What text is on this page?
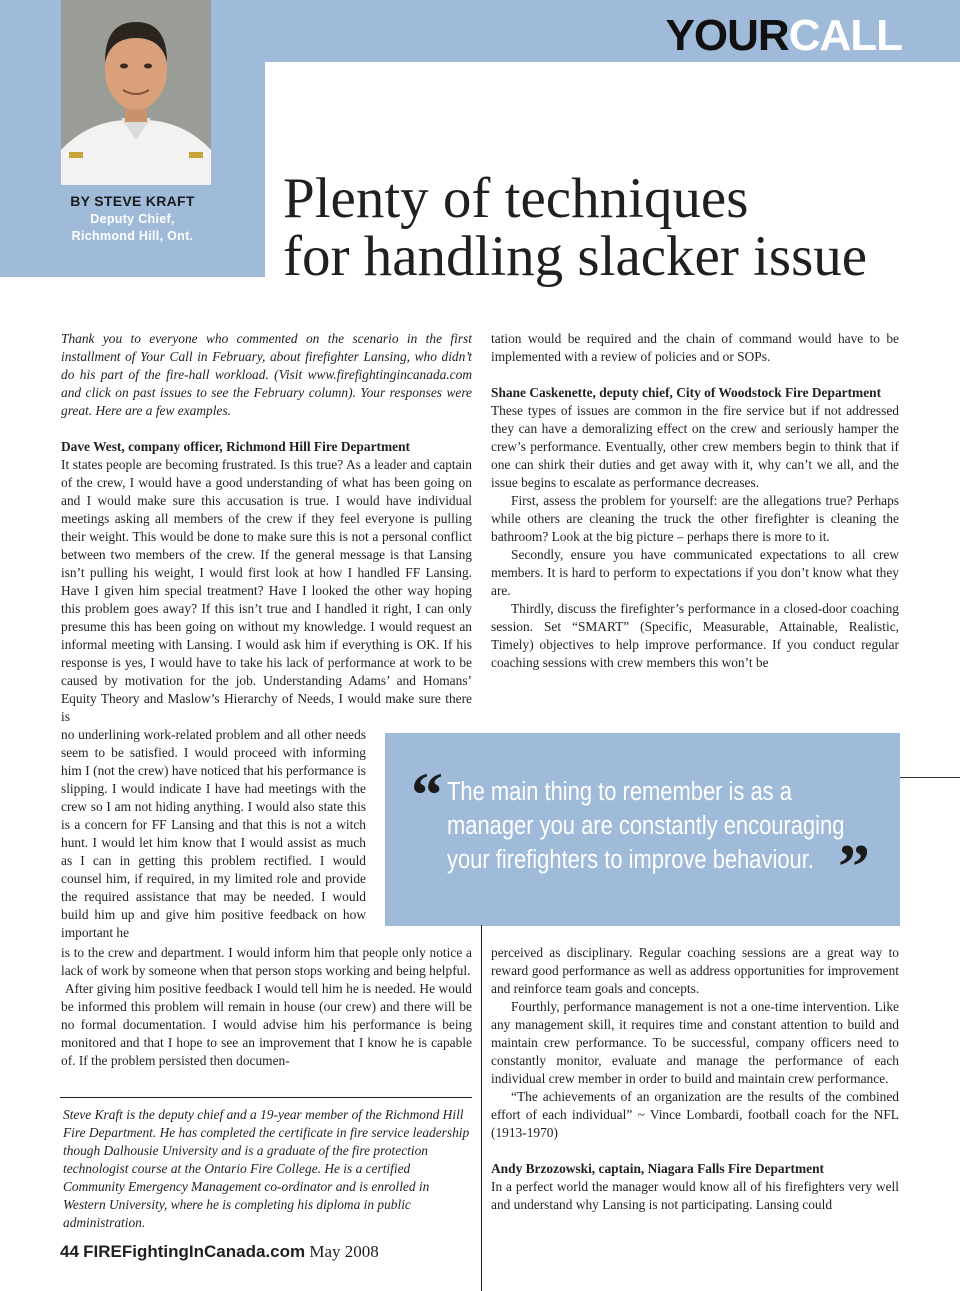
YOURCALL
BY STEVE KRAFT
Deputy Chief,
Richmond Hill, Ont.
Plenty of techniques
for handling slacker issue

Thank you to everyone who commented on the scenario in the first installment of Your Call in February, about firefighter Lansing, who didn’t do his part of the fire-hall workload. (Visit www.firefightingincanada.com and click on past issues to see the February column). Your responses were great. Here are a few examples.

Dave West, company officer, Richmond Hill Fire Department

It states people are becoming frustrated. Is this true? As a leader and captain of the crew, I would have a good understanding of what has been going on and I would make sure this accusation is true. I would have individual meetings asking all members of the crew if they feel everyone is pulling their weight. This would be done to make sure this is not a personal conflict between two members of the crew. If the general message is that Lansing isn’t pulling his weight, I would first look at how I handled FF Lansing. Have I given him special treatment? Have I looked the other way hoping this problem goes away? If this isn’t true and I handled it right, I can only presume this has been going on without my knowledge. I would request an informal meeting with Lansing. I would ask him if everything is OK. If his response is yes, I would have to take his lack of performance at work to be caused by motivation for the job. Understanding Adams’ and Homans’ Equity Theory and Maslow’s Hierarchy of Needs, I would make sure there is

no underlining work-related problem and all other needs seem to be satisfied. I would proceed with informing him I (not the crew) have noticed that his performance is slipping. I would indicate I have had meetings with the crew so I am not hiding anything. I would also state this is a concern for FF Lansing and that this is not a witch hunt. I would let him know that I would assist as much as I can in getting this problem rectified. I would counsel him, if required, in my limited role and provide the required assistance that may be needed. I would build him up and give him positive feedback on how important he

is to the crew and department. I would inform him that people only notice a lack of work by someone when that person stops working and being helpful.

After giving him positive feedback I would tell him he is needed. He would be informed this problem will remain in house (our crew) and there will be no formal documentation. I would advise him his performance is being monitored and that I hope to see an improvement that I know he is capable of. If the problem persisted then documen-

tation would be required and the chain of command would have to be implemented with a review of policies and or SOPs.

Shane Caskenette, deputy chief, City of Woodstock Fire Department

These types of issues are common in the fire service but if not addressed they can have a demoralizing effect on the crew and seriously hamper the crew’s performance. Eventually, other crew members begin to think that if one can shirk their duties and get away with it, why can’t we all, and the issue begins to escalate as performance decreases.

First, assess the problem for yourself: are the allegations true? Perhaps while others are cleaning the truck the other firefighter is cleaning the bathroom? Look at the big picture – perhaps there is more to it.

Secondly, ensure you have communicated expectations to all crew members. It is hard to perform to expectations if you don’t know what they are.

Thirdly, discuss the firefighter’s performance in a closed-door coaching session. Set “SMART” (Specific, Measurable, Attainable, Realistic, Timely) objectives to help improve performance. If you conduct regular coaching sessions with crew members this won’t be

perceived as disciplinary. Regular coaching sessions are a great way to reward good performance as well as address opportunities for improvement and reinforce team goals and concepts.

Fourthly, performance management is not a one-time intervention. Like any management skill, it requires time and constant attention to build and maintain crew performance. To be successful, company officers need to constantly monitor, evaluate and manage the performance of each individual crew member in order to build and maintain crew performance.

“The achievements of an organization are the results of the combined effort of each individual” ~ Vince Lombardi, football coach for the NFL (1913-1970)

Andy Brzozowski, captain, Niagara Falls Fire Department

In a perfect world the manager would know all of his firefighters very well and understand why Lansing is not participating. Lansing could

“ The main thing to remember is as a
manager you are constantly encouraging
your firefighters to improve behaviour. ”
Steve Kraft is the deputy chief and a 19-year member of the Richmond Hill Fire Department. He has completed the certificate in fire service leadership though Dalhousie University and is a graduate of the fire protection technologist course at the Ontario Fire College. He is a certified Community Emergency Management co-ordinator and is enrolled in Western University, where he is completing his diploma in public administration.
44 FIREFightingInCanada.com May 2008
